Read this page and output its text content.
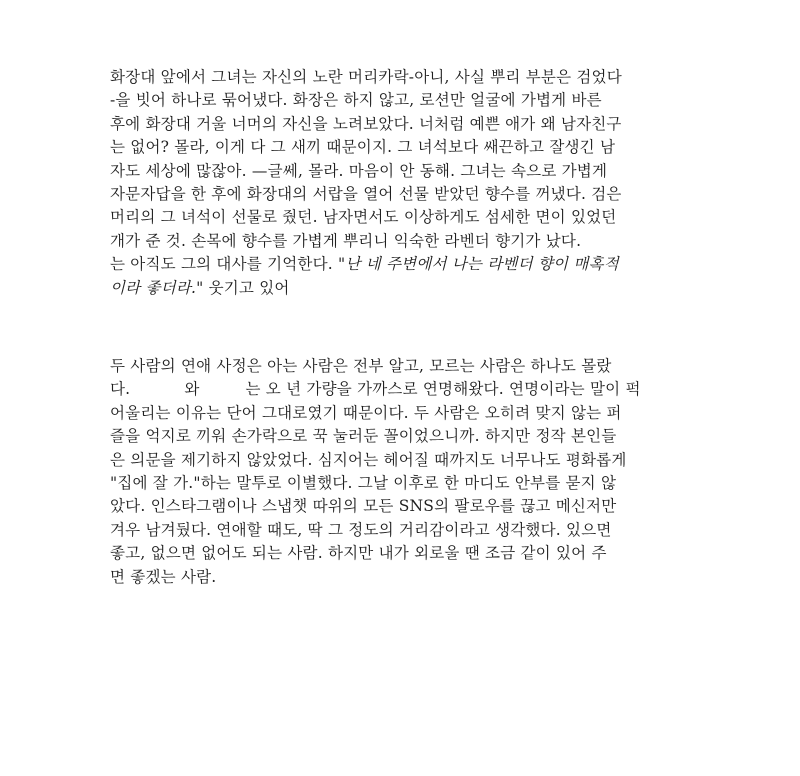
화장대 앞에서 그녀는 자신의 노란 머리카락-아니, 사실 뿌리 부분은 검었다
-을 빗어 하나로 묶어냈다. 화장은 하지 않고, 로션만 얼굴에 가볍게 바른
후에 화장대 거울 너머의 자신을 노려보았다. 너처럼 예쁜 애가 왜 남자친구
는 없어? 몰라, 이게 다 그 새끼 때문이지. 그 녀석보다 쌔끈하고 잘생긴 남
자도 세상에 많잖아. —글쎄, 몰라. 마음이 안 동해. 그녀는 속으로 가볍게
자문자답을 한 후에 화장대의 서랍을 열어 선물 받았던 향수를 꺼냈다. 검은
머리의 그 녀석이 선물로 줬던. 남자면서도 이상하게도 섬세한 면이 있었던
개가 준 것. 손목에 향수를 가볍게 뿌리니 익숙한 라벤더 향기가 났다.
는 아직도 그의 대사를 기억한다. "난 네 주변에서 나는 라벤더 향이 매혹적
이라 좋더라." 웃기고 있어
두 사람의 연애 사정은 아는 사람은 전부 알고, 모르는 사람은 하나도 몰랐
다.	와	는 오 년 가량을 가까스로 연명해왔다. 연명이라는 말이 퍽
어울리는 이유는 단어 그대로였기 때문이다. 두 사람은 오히려 맞지 않는 퍼
즐을 억지로 끼워 손가락으로 꾹 눌러둔 꼴이었으니까. 하지만 정작 본인들
은 의문을 제기하지 않았었다. 심지어는 헤어질 때까지도 너무나도 평화롭게
"집에 잘 가."하는 말투로 이별했다. 그날 이후로 한 마디도 안부를 묻지 않
았다. 인스타그램이나 스냅챗 따위의 모든 SNS의 팔로우를 끊고 메신저만
겨우 남겨뒀다. 연애할 때도, 딱 그 정도의 거리감이라고 생각했다. 있으면
좋고, 없으면 없어도 되는 사람. 하지만 내가 외로울 땐 조금 같이 있어 주
면 좋겠는 사람.
